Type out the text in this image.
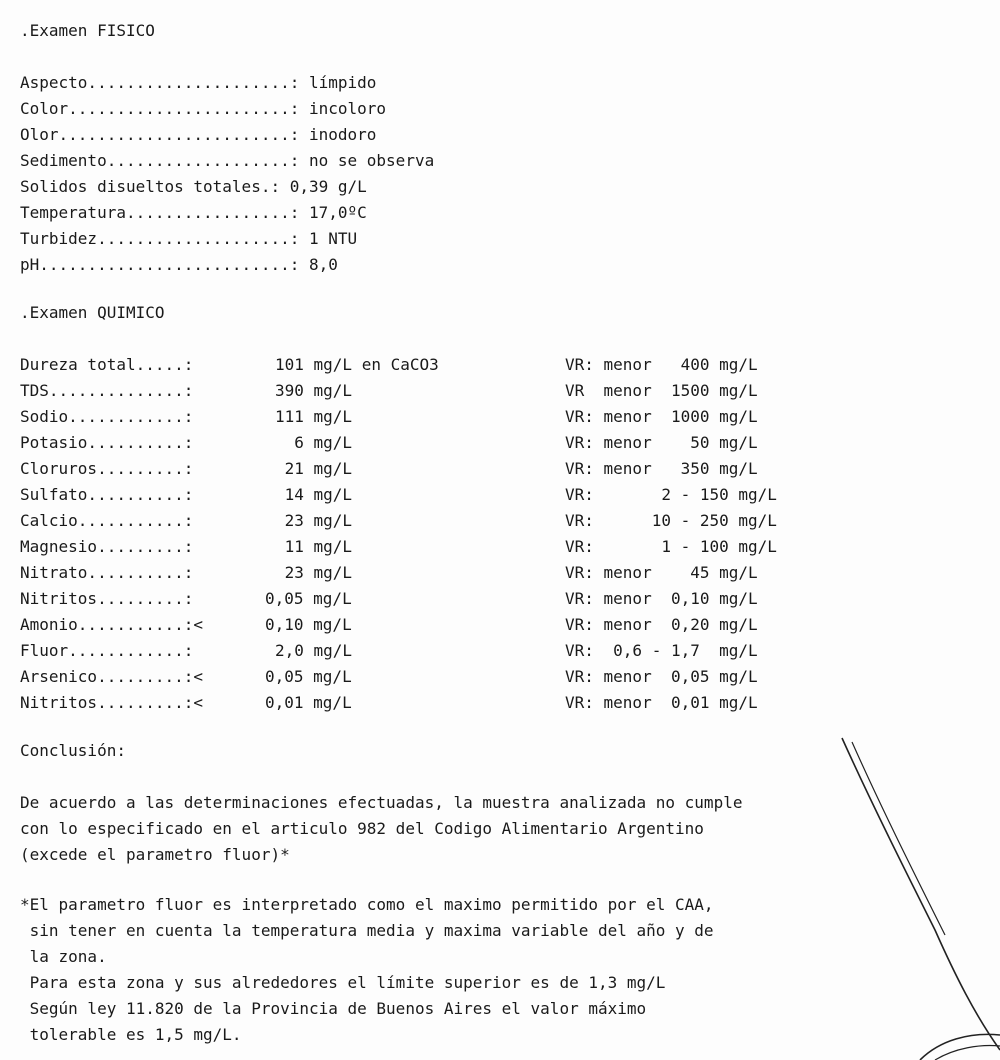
.Examen FISICO
Aspecto.....................: límpido
Color.......................: incoloro
Olor........................: inodoro
Sedimento...................: no se observa
Solidos disueltos totales.: 0,39 g/L
Temperatura.................: 17,0ºC
Turbidez....................: 1 NTU
pH..........................: 8,0
.Examen QUIMICO
Dureza total.....:	101 mg/L en CaCO3	VR: menor   400 mg/L
TDS..............:	390 mg/L	VR  menor  1500 mg/L
Sodio............:	111 mg/L	VR: menor  1000 mg/L
Potasio..........:	6 mg/L	VR: menor    50 mg/L
Cloruros.........:	21 mg/L	VR: menor   350 mg/L
Sulfato..........:	14 mg/L	VR:       2 - 150 mg/L
Calcio...........:	23 mg/L	VR:      10 - 250 mg/L
Magnesio.........:	11 mg/L	VR:       1 - 100 mg/L
Nitrato..........:	23 mg/L	VR: menor    45 mg/L
Nitritos.........:	0,05 mg/L	VR: menor  0,10 mg/L
Amonio...........:<	0,10 mg/L	VR: menor  0,20 mg/L
Fluor............:	2,0 mg/L	VR:  0,6 - 1,7  mg/L
Arsenico.........:<	0,05 mg/L	VR: menor  0,05 mg/L
Nitritos.........:<	0,01 mg/L	VR: menor  0,01 mg/L
Conclusión:
De acuerdo a las determinaciones efectuadas, la muestra analizada no cumple
con lo especificado en el articulo 982 del Codigo Alimentario Argentino
(excede el parametro fluor)*
*El parametro fluor es interpretado como el maximo permitido por el CAA,
sin tener en cuenta la temperatura media y maxima variable del año y de
la zona.
Para esta zona y sus alrededores el límite superior es de 1,3 mg/L
Según ley 11.820 de la Provincia de Buenos Aires el valor máximo
tolerable es 1,5 mg/L.
